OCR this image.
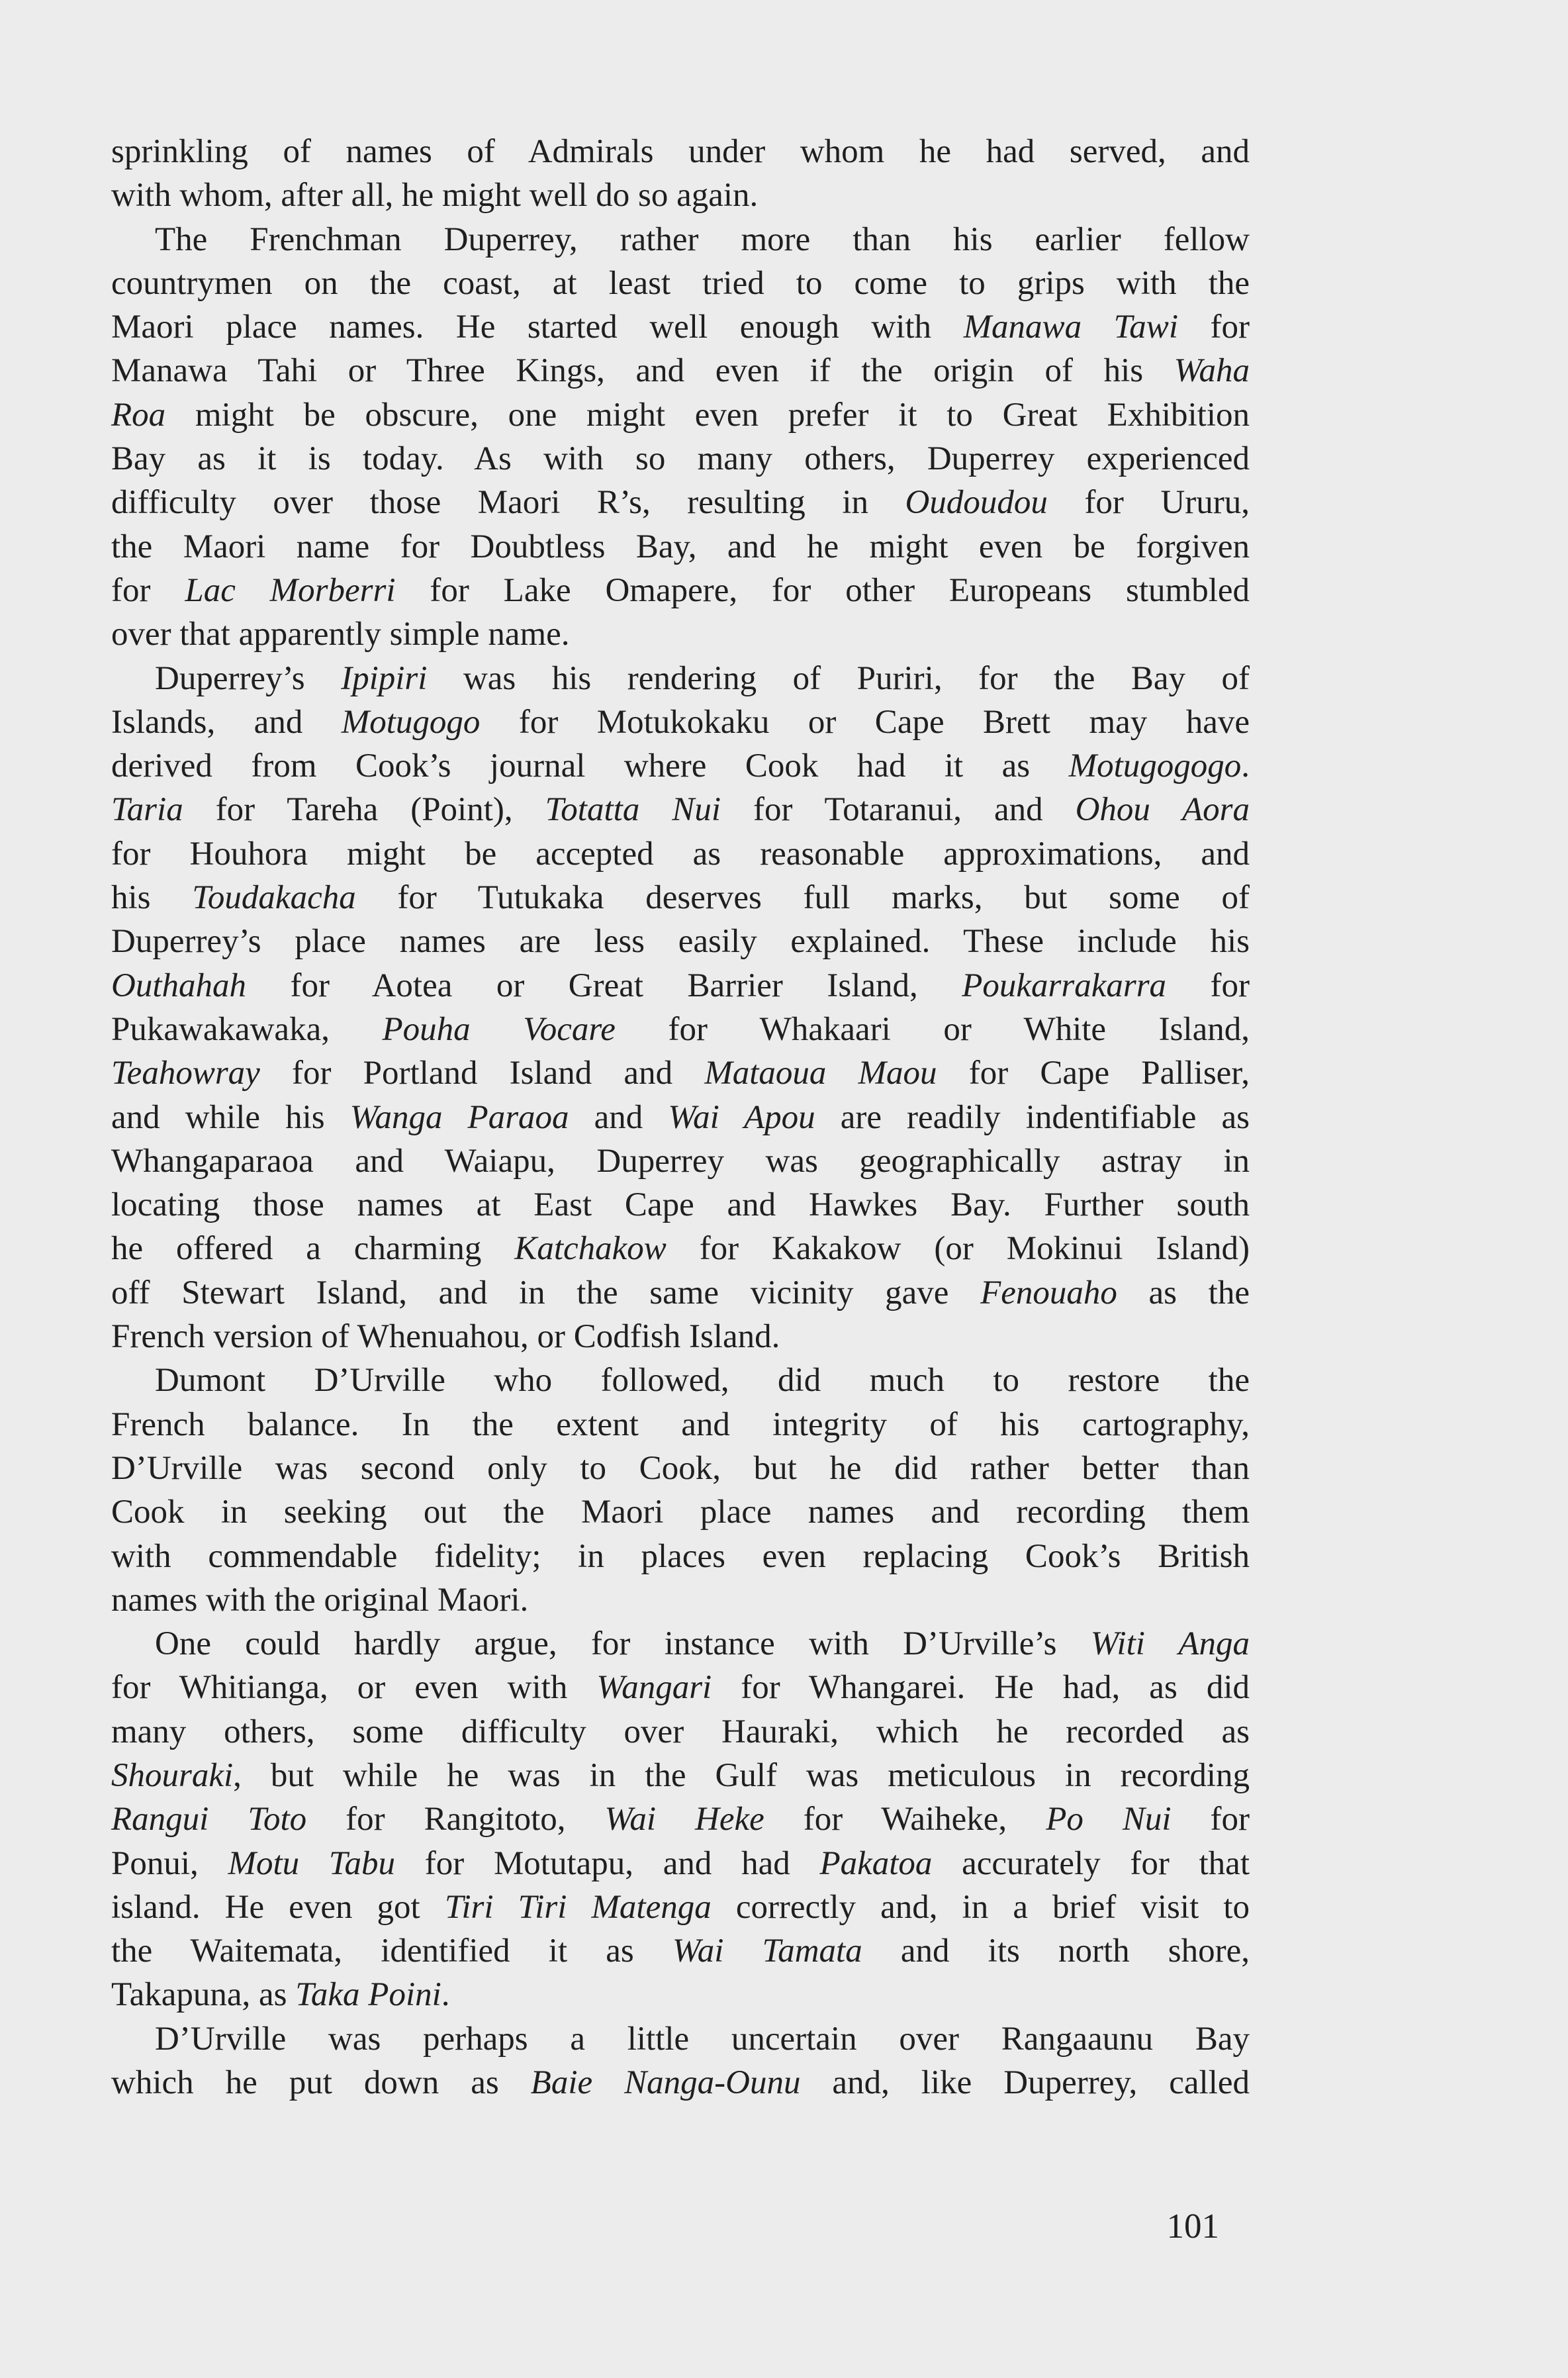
sprinkling of names of Admirals under whom he had served, and
with whom, after all, he might well do so again.
The Frenchman Duperrey, rather more than his earlier fellow
countrymen on the coast, at least tried to come to grips with the
Maori place names. He started well enough with Manawa Tawi for
Manawa Tahi or Three Kings, and even if the origin of his Waha
Roa might be obscure, one might even prefer it to Great Exhibition
Bay as it is today. As with so many others, Duperrey experienced
difficulty over those Maori R’s, resulting in Oudoudou for Ururu,
the Maori name for Doubtless Bay, and he might even be forgiven
for Lac Morberri for Lake Omapere, for other Europeans stumbled
over that apparently simple name.
Duperrey’s Ipipiri was his rendering of Puriri, for the Bay of
Islands, and Motugogo for Motukokaku or Cape Brett may have
derived from Cook’s journal where Cook had it as Motugogogo.
Taria for Tareha (Point), Totatta Nui for Totaranui, and Ohou Aora
for Houhora might be accepted as reasonable approximations, and
his Toudakacha for Tutukaka deserves full marks, but some of
Duperrey’s place names are less easily explained. These include his
Outhahah for Aotea or Great Barrier Island, Poukarrakarra for
Pukawakawaka, Pouha Vocare for Whakaari or White Island,
Teahowray for Portland Island and Mataoua Maou for Cape Palliser,
and while his Wanga Paraoa and Wai Apou are readily indentifiable as
Whangaparaoa and Waiapu, Duperrey was geographically astray in
locating those names at East Cape and Hawkes Bay. Further south
he offered a charming Katchakow for Kakakow (or Mokinui Island)
off Stewart Island, and in the same vicinity gave Fenouaho as the
French version of Whenuahou, or Codfish Island.
Dumont D’Urville who followed, did much to restore the
French balance. In the extent and integrity of his cartography,
D’Urville was second only to Cook, but he did rather better than
Cook in seeking out the Maori place names and recording them
with commendable fidelity; in places even replacing Cook’s British
names with the original Maori.
One could hardly argue, for instance with D’Urville’s Witi Anga
for Whitianga, or even with Wangari for Whangarei. He had, as did
many others, some difficulty over Hauraki, which he recorded as
Shouraki, but while he was in the Gulf was meticulous in recording
Rangui Toto for Rangitoto, Wai Heke for Waiheke, Po Nui for
Ponui, Motu Tabu for Motutapu, and had Pakatoa accurately for that
island. He even got Tiri Tiri Matenga correctly and, in a brief visit to
the Waitemata, identified it as Wai Tamata and its north shore,
Takapuna, as Taka Poini.
D’Urville was perhaps a little uncertain over Rangaaunu Bay
which he put down as Baie Nanga-Ounu and, like Duperrey, called
101
